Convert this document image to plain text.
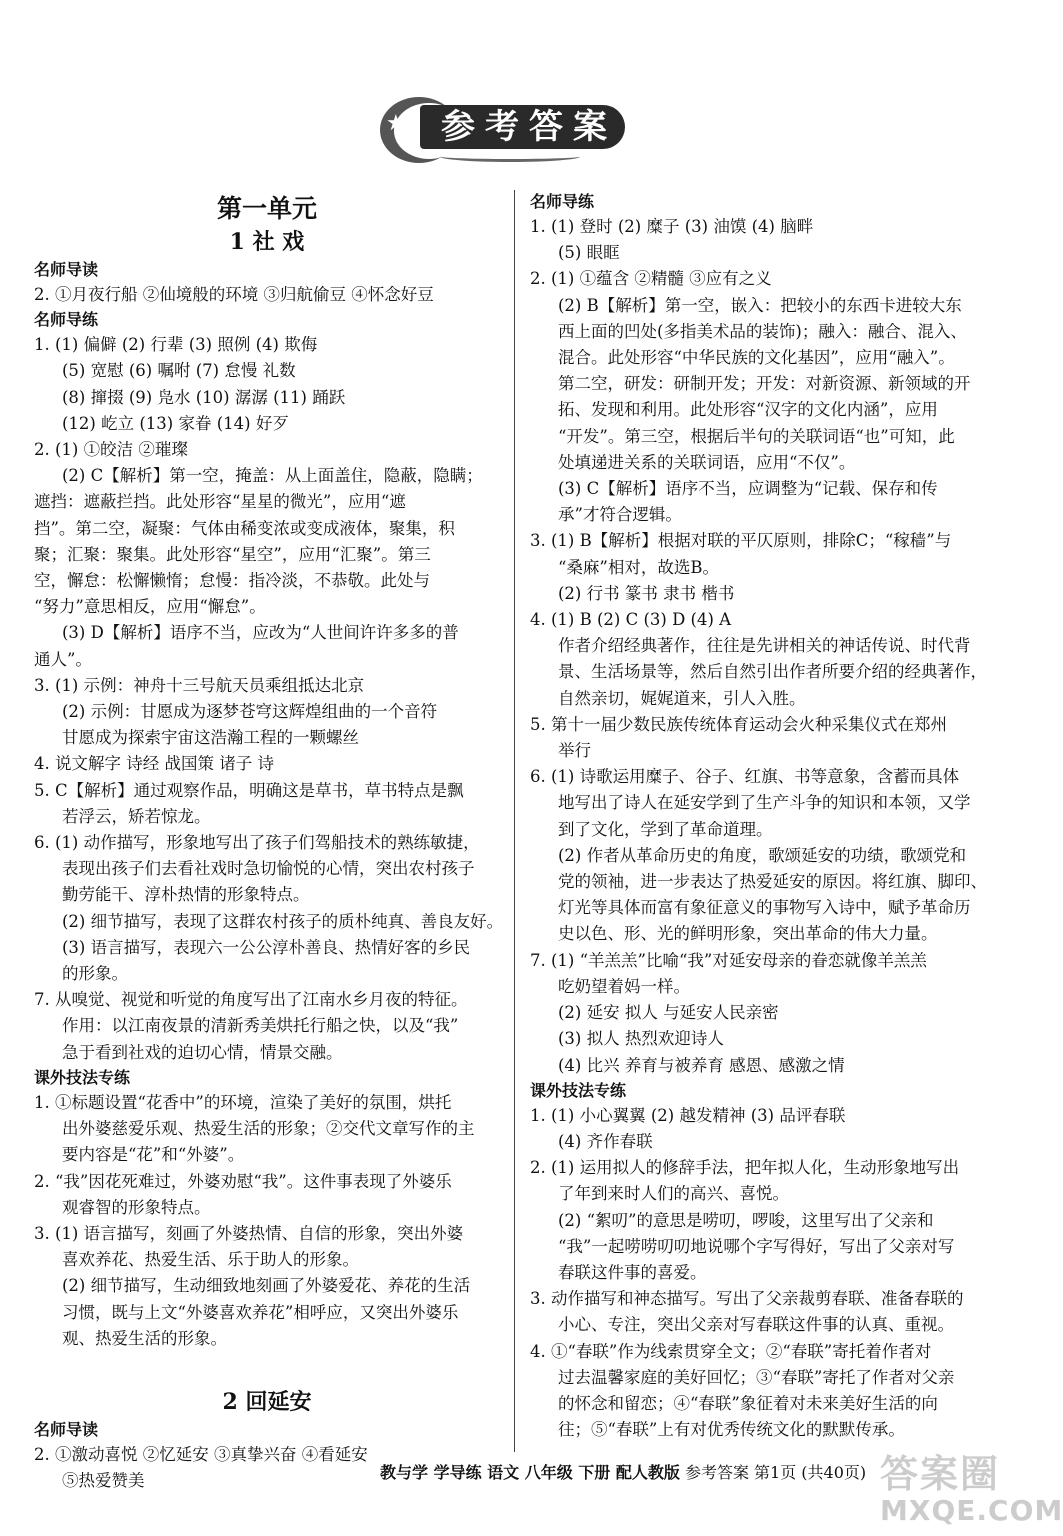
★ 参考答案
第一单元
1 社 戏
名师导读
2. ①月夜行船 ②仙境般的环境 ③归航偷豆 ④怀念好豆
名师导练
1. (1) 偏僻 (2) 行辈 (3) 照例 (4) 欺侮
(5) 宽慰 (6) 嘱咐 (7) 怠慢 礼数
(8) 撺掇 (9) 凫水 (10) 潺潺 (11) 踊跃
(12) 屹立 (13) 家眷 (14) 好歹
2. (1) ①皎洁 ②璀璨
(2) C【解析】第一空，掩盖：从上面盖住，隐蔽，隐瞒；
遮挡：遮蔽拦挡。此处形容“星星的微光”，应用“遮
挡”。第二空，凝聚：气体由稀变浓或变成液体，聚集，积
聚；汇聚：聚集。此处形容“星空”，应用“汇聚”。第三
空，懈怠：松懈懒惰；怠慢：指冷淡，不恭敬。此处与
“努力”意思相反，应用“懈怠”。
(3) D【解析】语序不当，应改为“人世间许许多多的普
通人”。
3. (1) 示例：神舟十三号航天员乘组抵达北京
(2) 示例：甘愿成为逐梦苍穹这辉煌组曲的一个音符
甘愿成为探索宇宙这浩瀚工程的一颗螺丝
4. 说文解字 诗经 战国策 诸子 诗
5. C【解析】通过观察作品，明确这是草书，草书特点是飘
若浮云，矫若惊龙。
6. (1) 动作描写，形象地写出了孩子们驾船技术的熟练敏捷，
表现出孩子们去看社戏时急切愉悦的心情，突出农村孩子
勤劳能干、淳朴热情的形象特点。
(2) 细节描写，表现了这群农村孩子的质朴纯真、善良友好。
(3) 语言描写，表现六一公公淳朴善良、热情好客的乡民
的形象。
7. 从嗅觉、视觉和听觉的角度写出了江南水乡月夜的特征。
作用：以江南夜景的清新秀美烘托行船之快，以及“我”
急于看到社戏的迫切心情，情景交融。
课外技法专练
1. ①标题设置“花香中”的环境，渲染了美好的氛围，烘托
出外婆慈爱乐观、热爱生活的形象；②交代文章写作的主
要内容是“花”和“外婆”。
2. “我”因花死难过，外婆劝慰“我”。这件事表现了外婆乐
观睿智的形象特点。
3. (1) 语言描写，刻画了外婆热情、自信的形象，突出外婆
喜欢养花、热爱生活、乐于助人的形象。
(2) 细节描写，生动细致地刻画了外婆爱花、养花的生活
习惯，既与上文“外婆喜欢养花”相呼应，又突出外婆乐
观、热爱生活的形象。
2 回延安
名师导读
2. ①激动喜悦 ②忆延安 ③真挚兴奋 ④看延安
⑤热爱赞美
名师导练
1. (1) 登时 (2) 糜子 (3) 油馍 (4) 脑畔
(5) 眼眶
2. (1) ①蕴含 ②精髓 ③应有之义
(2) B【解析】第一空，嵌入：把较小的东西卡进较大东
西上面的凹处(多指美术品的装饰)；融入：融合、混入、
混合。此处形容“中华民族的文化基因”，应用“融入”。
第二空，研发：研制开发；开发：对新资源、新领域的开
拓、发现和利用。此处形容“汉字的文化内涵”，应用
“开发”。第三空，根据后半句的关联词语“也”可知，此
处填递进关系的关联词语，应用“不仅”。
(3) C【解析】语序不当，应调整为“记载、保存和传
承”才符合逻辑。
3. (1) B【解析】根据对联的平仄原则，排除C；“稼穑”与
“桑麻”相对，故选B。
(2) 行书 篆书 隶书 楷书
4. (1) B (2) C (3) D (4) A
作者介绍经典著作，往往是先讲相关的神话传说、时代背
景、生活场景等，然后自然引出作者所要介绍的经典著作，
自然亲切，娓娓道来，引人入胜。
5. 第十一届少数民族传统体育运动会火种采集仪式在郑州
举行
6. (1) 诗歌运用糜子、谷子、红旗、书等意象，含蓄而具体
地写出了诗人在延安学到了生产斗争的知识和本领，又学
到了文化，学到了革命道理。
(2) 作者从革命历史的角度，歌颂延安的功绩，歌颂党和
党的领袖，进一步表达了热爱延安的原因。将红旗、脚印、
灯光等具体而富有象征意义的事物写入诗中，赋予革命历
史以色、形、光的鲜明形象，突出革命的伟大力量。
7. (1) “羊羔羔”比喻“我”对延安母亲的眷恋就像羊羔羔
吃奶望着妈一样。
(2) 延安 拟人 与延安人民亲密
(3) 拟人 热烈欢迎诗人
(4) 比兴 养育与被养育 感恩、感激之情
课外技法专练
1. (1) 小心翼翼 (2) 越发精神 (3) 品评春联
(4) 齐作春联
2. (1) 运用拟人的修辞手法，把年拟人化，生动形象地写出
了年到来时人们的高兴、喜悦。
(2) “絮叨”的意思是唠叨，啰唆，这里写出了父亲和
“我”一起唠唠叨叨地说哪个字写得好，写出了父亲对写
春联这件事的喜爱。
3. 动作描写和神态描写。写出了父亲裁剪春联、准备春联的
小心、专注，突出父亲对写春联这件事的认真、重视。
4. ①“春联”作为线索贯穿全文；②“春联”寄托着作者对
过去温馨家庭的美好回忆；③“春联”寄托了作者对父亲
的怀念和留恋；④“春联”象征着对未来美好生活的向
往；⑤“春联”上有对优秀传统文化的默默传承。
教与学 学导练 语文 八年级 下册 配人教版 参考答案 第1页 (共40页) 答案圈
MXQE.COM
